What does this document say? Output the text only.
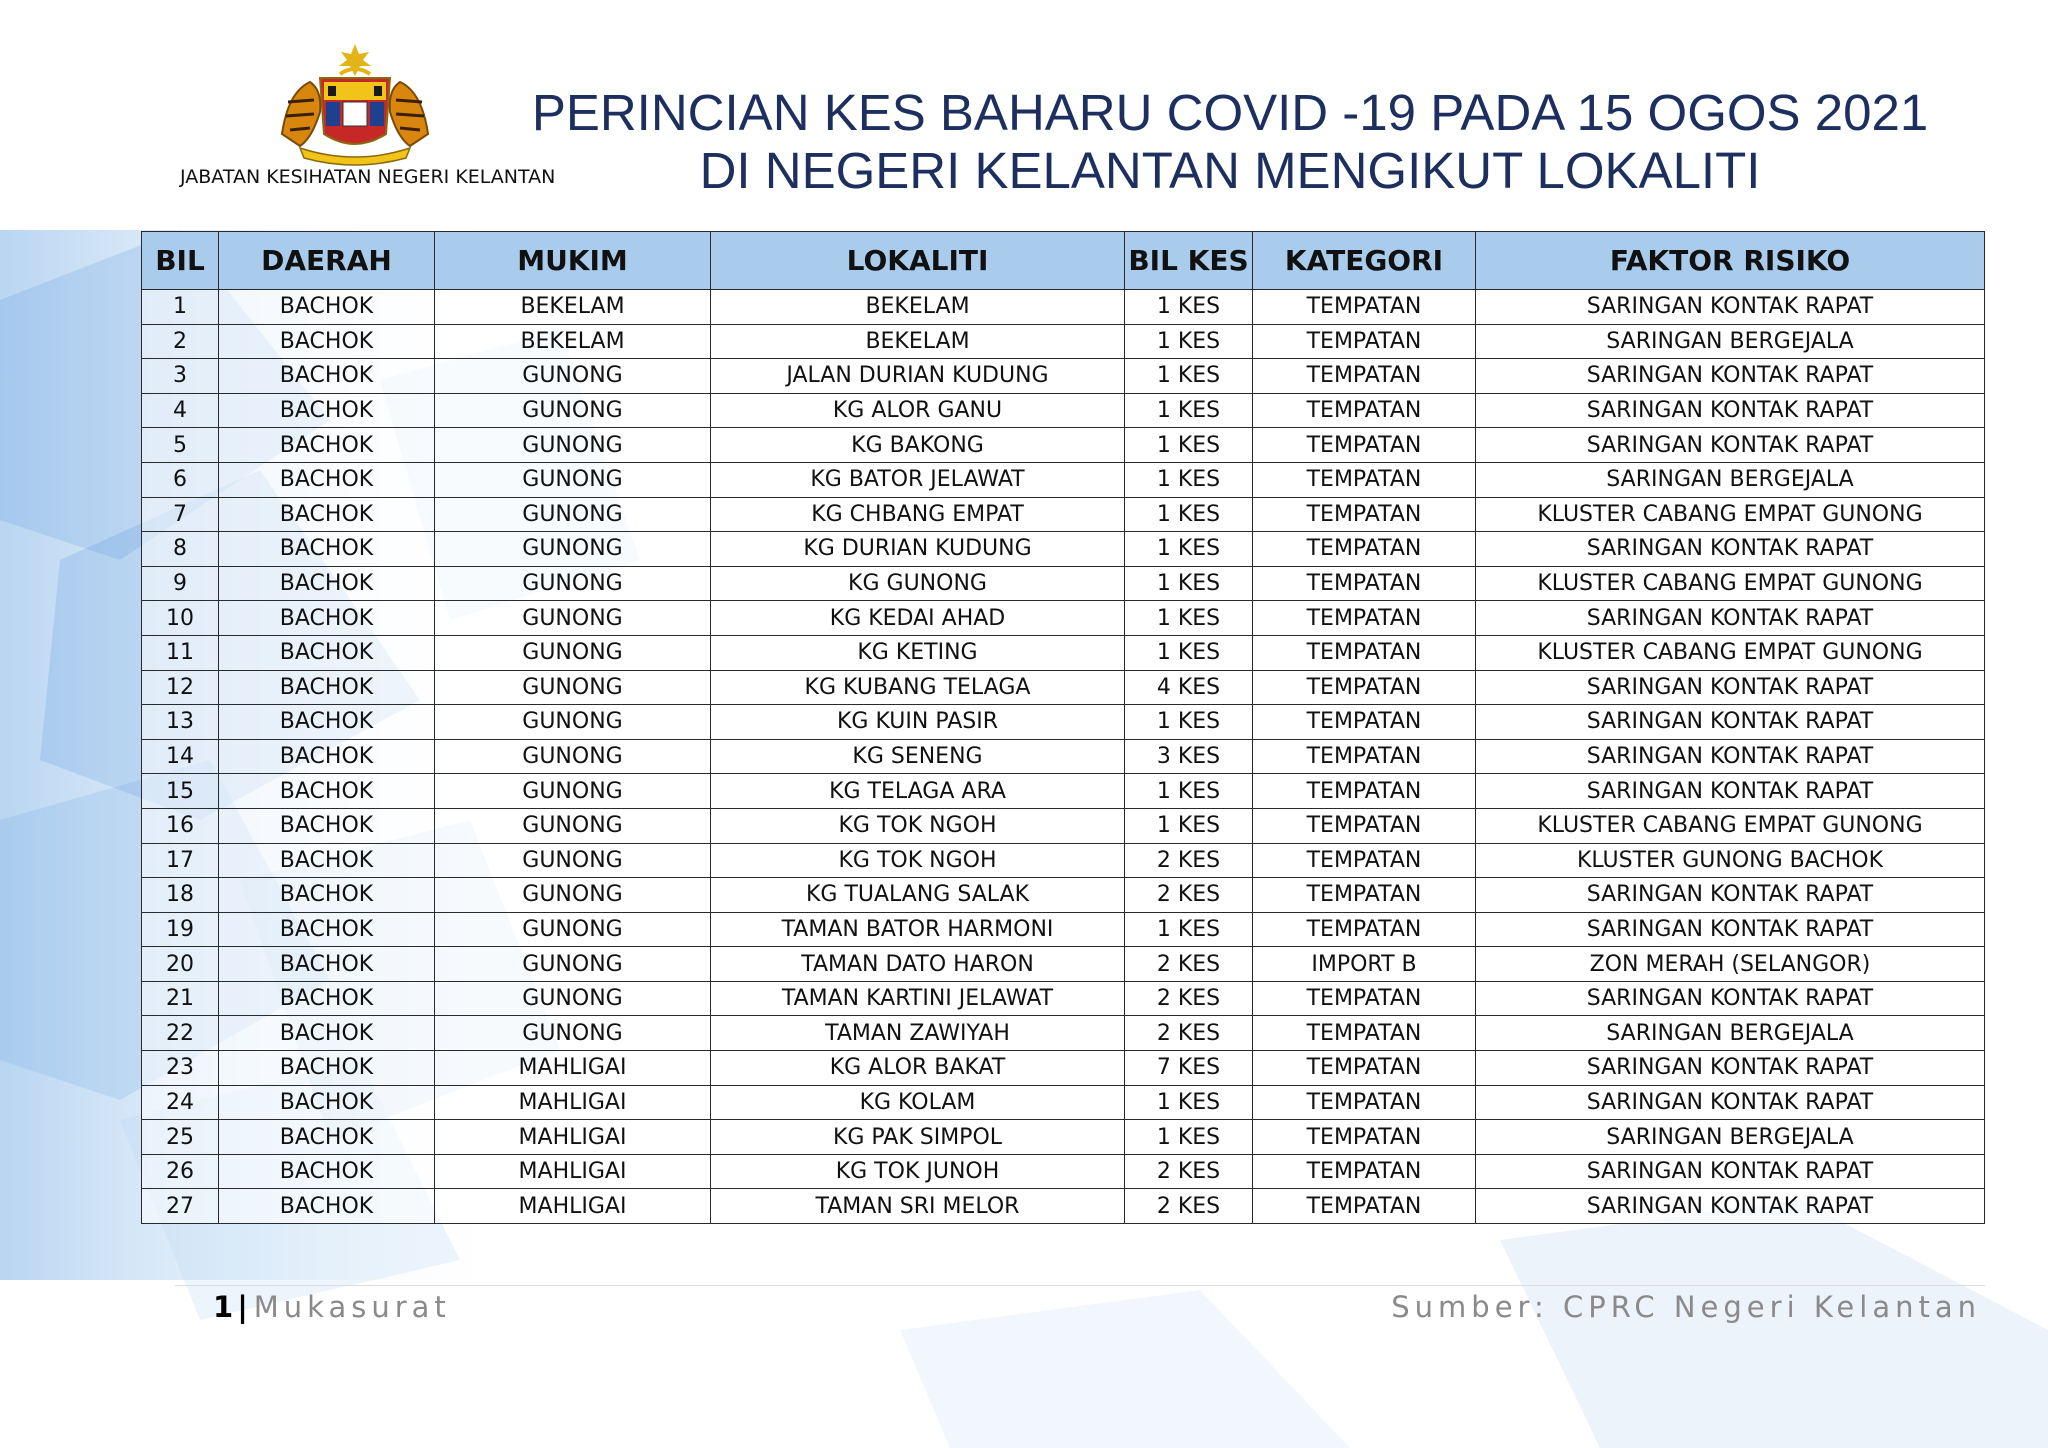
JABATAN KESIHATAN NEGERI KELANTAN
PERINCIAN KES BAHARU COVID -19 PADA 15 OGOS 2021
DI NEGERI KELANTAN MENGIKUT LOKALITI
BIL	DAERAH	MUKIM	LOKALITI	BIL KES	KATEGORI	FAKTOR RISIKO
1	BACHOK	BEKELAM	BEKELAM	1 KES	TEMPATAN	SARINGAN KONTAK RAPAT
2	BACHOK	BEKELAM	BEKELAM	1 KES	TEMPATAN	SARINGAN BERGEJALA
3	BACHOK	GUNONG	JALAN DURIAN KUDUNG	1 KES	TEMPATAN	SARINGAN KONTAK RAPAT
4	BACHOK	GUNONG	KG ALOR GANU	1 KES	TEMPATAN	SARINGAN KONTAK RAPAT
5	BACHOK	GUNONG	KG BAKONG	1 KES	TEMPATAN	SARINGAN KONTAK RAPAT
6	BACHOK	GUNONG	KG BATOR JELAWAT	1 KES	TEMPATAN	SARINGAN BERGEJALA
7	BACHOK	GUNONG	KG CHBANG EMPAT	1 KES	TEMPATAN	KLUSTER CABANG EMPAT GUNONG
8	BACHOK	GUNONG	KG DURIAN KUDUNG	1 KES	TEMPATAN	SARINGAN KONTAK RAPAT
9	BACHOK	GUNONG	KG GUNONG	1 KES	TEMPATAN	KLUSTER CABANG EMPAT GUNONG
10	BACHOK	GUNONG	KG KEDAI AHAD	1 KES	TEMPATAN	SARINGAN KONTAK RAPAT
11	BACHOK	GUNONG	KG KETING	1 KES	TEMPATAN	KLUSTER CABANG EMPAT GUNONG
12	BACHOK	GUNONG	KG KUBANG TELAGA	4 KES	TEMPATAN	SARINGAN KONTAK RAPAT
13	BACHOK	GUNONG	KG KUIN PASIR	1 KES	TEMPATAN	SARINGAN KONTAK RAPAT
14	BACHOK	GUNONG	KG SENENG	3 KES	TEMPATAN	SARINGAN KONTAK RAPAT
15	BACHOK	GUNONG	KG TELAGA ARA	1 KES	TEMPATAN	SARINGAN KONTAK RAPAT
16	BACHOK	GUNONG	KG TOK NGOH	1 KES	TEMPATAN	KLUSTER CABANG EMPAT GUNONG
17	BACHOK	GUNONG	KG TOK NGOH	2 KES	TEMPATAN	KLUSTER GUNONG BACHOK
18	BACHOK	GUNONG	KG TUALANG SALAK	2 KES	TEMPATAN	SARINGAN KONTAK RAPAT
19	BACHOK	GUNONG	TAMAN BATOR HARMONI	1 KES	TEMPATAN	SARINGAN KONTAK RAPAT
20	BACHOK	GUNONG	TAMAN DATO HARON	2 KES	IMPORT B	ZON MERAH (SELANGOR)
21	BACHOK	GUNONG	TAMAN KARTINI JELAWAT	2 KES	TEMPATAN	SARINGAN KONTAK RAPAT
22	BACHOK	GUNONG	TAMAN ZAWIYAH	2 KES	TEMPATAN	SARINGAN BERGEJALA
23	BACHOK	MAHLIGAI	KG ALOR BAKAT	7 KES	TEMPATAN	SARINGAN KONTAK RAPAT
24	BACHOK	MAHLIGAI	KG KOLAM	1 KES	TEMPATAN	SARINGAN KONTAK RAPAT
25	BACHOK	MAHLIGAI	KG PAK SIMPOL	1 KES	TEMPATAN	SARINGAN BERGEJALA
26	BACHOK	MAHLIGAI	KG TOK JUNOH	2 KES	TEMPATAN	SARINGAN KONTAK RAPAT
27	BACHOK	MAHLIGAI	TAMAN SRI MELOR	2 KES	TEMPATAN	SARINGAN KONTAK RAPAT
1 | Mukasurat	Sumber: CPRC Negeri Kelantan
